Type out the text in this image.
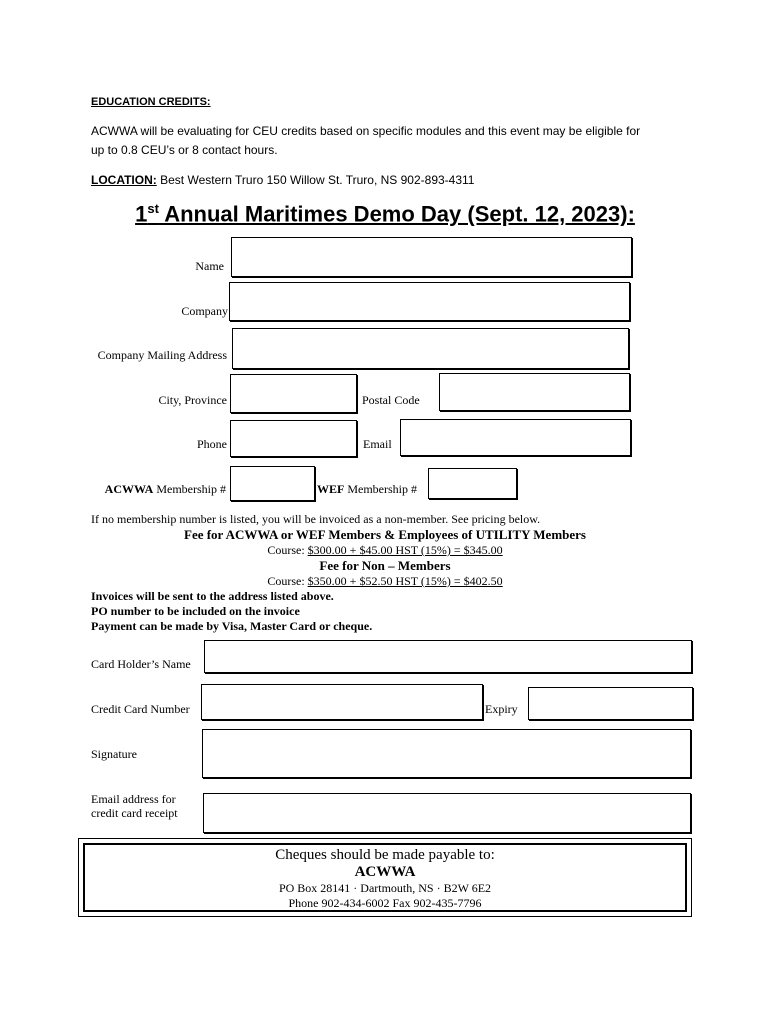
EDUCATION CREDITS:
ACWWA will be evaluating for CEU credits based on specific modules and this event may be eligible for
up to 0.8 CEU’s or 8 contact hours.
LOCATION: Best Western Truro 150 Willow St. Truro, NS 902-893-4311
1st Annual Maritimes Demo Day (Sept. 12, 2023):
Name
Company
Company Mailing Address
City, Province	Postal Code
Phone	Email
ACWWA Membership #	WEF Membership #
If no membership number is listed, you will be invoiced as a non-member. See pricing below.
Fee for ACWWA or WEF Members & Employees of UTILITY Members
Course: $300.00 + $45.00 HST (15%) = $345.00
Fee for Non – Members
Course: $350.00 + $52.50 HST (15%) = $402.50
Invoices will be sent to the address listed above.
PO number to be included on the invoice
Payment can be made by Visa, Master Card or cheque.
Card Holder’s Name
Credit Card Number	Expiry
Signature
Email address for
credit card receipt
Cheques should be made payable to:
ACWWA
PO Box 28141 · Dartmouth, NS · B2W 6E2
Phone 902-434-6002 Fax 902-435-7796
